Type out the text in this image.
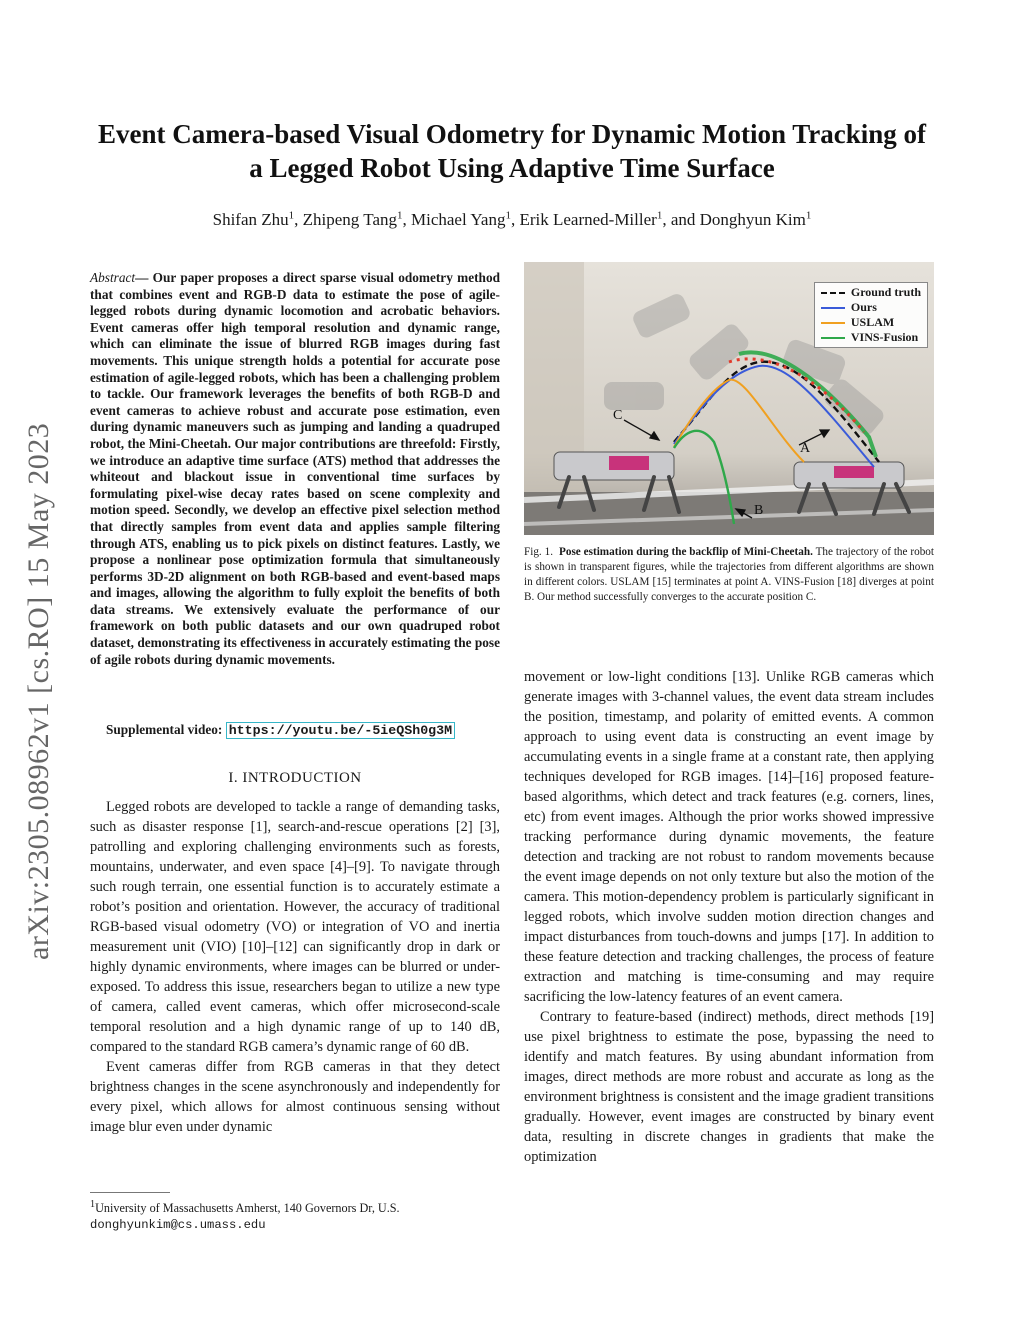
arXiv:2305.08962v1 [cs.RO] 15 May 2023
Event Camera-based Visual Odometry for Dynamic Motion Tracking of
a Legged Robot Using Adaptive Time Surface
Shifan Zhu$^1$, Zhipeng Tang$^1$, Michael Yang$^1$, Erik Learned-Miller$^1$, and Donghyun Kim$^1$
Abstract— Our paper proposes a direct sparse visual odometry method that combines event and RGB-D data to estimate the pose of agile-legged robots during dynamic locomotion and acrobatic behaviors. Event cameras offer high temporal resolution and dynamic range, which can eliminate the issue of blurred RGB images during fast movements. This unique strength holds a potential for accurate pose estimation of agile-legged robots, which has been a challenging problem to tackle. Our framework leverages the benefits of both RGB-D and event cameras to achieve robust and accurate pose estimation, even during dynamic maneuvers such as jumping and landing a quadruped robot, the Mini-Cheetah. Our major contributions are threefold: Firstly, we introduce an adaptive time surface (ATS) method that addresses the whiteout and blackout issue in conventional time surfaces by formulating pixel-wise decay rates based on scene complexity and motion speed. Secondly, we develop an effective pixel selection method that directly samples from event data and applies sample filtering through ATS, enabling us to pick pixels on distinct features. Lastly, we propose a nonlinear pose optimization formula that simultaneously performs 3D-2D alignment on both RGB-based and event-based maps and images, allowing the algorithm to fully exploit the benefits of both data streams. We extensively evaluate the performance of our framework on both public datasets and our own quadruped robot dataset, demonstrating its effectiveness in accurately estimating the pose of agile robots during dynamic movements.
Supplemental video: https://youtu.be/-5ieQSh0g3M
I. INTRODUCTION

Legged robots are developed to tackle a range of demanding tasks, such as disaster response [1], search-and-rescue operations [2] [3], patrolling and exploring challenging environments such as forests, mountains, underwater, and even space [4]–[9]. To navigate through such rough terrain, one essential function is to accurately estimate a robot’s position and orientation. However, the accuracy of traditional RGB-based visual odometry (VO) or integration of VO and inertia measurement unit (VIO) [10]–[12] can significantly drop in dark or highly dynamic environments, where images can be blurred or under-exposed. To address this issue, researchers began to utilize a new type of camera, called event cameras, which offer microsecond-scale temporal resolution and a high dynamic range of up to 140 dB, compared to the standard RGB camera’s dynamic range of 60 dB.

Event cameras differ from RGB cameras in that they detect brightness changes in the scene asynchronously and independently for every pixel, which allows for almost continuous sensing without image blur even under dynamic

$^1$University of Massachusetts Amherst, 140 Governors Dr, U.S.
donghyunkim@cs.umass.edu
C
A
B
Ground truth
Ours
USLAM
VINS-Fusion
Fig. 1. Pose estimation during the backflip of Mini-Cheetah. The trajectory of the robot is shown in transparent figures, while the trajectories from different algorithms are shown in different colors. USLAM [15] terminates at point A. VINS-Fusion [18] diverges at point B. Our method successfully converges to the accurate position C.

movement or low-light conditions [13]. Unlike RGB cameras which generate images with 3-channel values, the event data stream includes the position, timestamp, and polarity of emitted events. A common approach to using event data is constructing an event image by accumulating events in a single frame at a constant rate, then applying techniques developed for RGB images. [14]–[16] proposed feature-based algorithms, which detect and track features (e.g. corners, lines, etc) from event images. Although the prior works showed impressive tracking performance during dynamic movements, the feature detection and tracking are not robust to random movements because the event image depends on not only texture but also the motion of the camera. This motion-dependency problem is particularly significant in legged robots, which involve sudden motion direction changes and impact disturbances from touch-downs and jumps [17]. In addition to these feature detection and tracking challenges, the process of feature extraction and matching is time-consuming and may require sacrificing the low-latency features of an event camera.

Contrary to feature-based (indirect) methods, direct methods [19] use pixel brightness to estimate the pose, bypassing the need to identify and match features. By using abundant information from images, direct methods are more robust and accurate as long as the environment brightness is consistent and the image gradient transitions gradually. However, event images are constructed by binary event data, resulting in discrete changes in gradients that make the optimization
